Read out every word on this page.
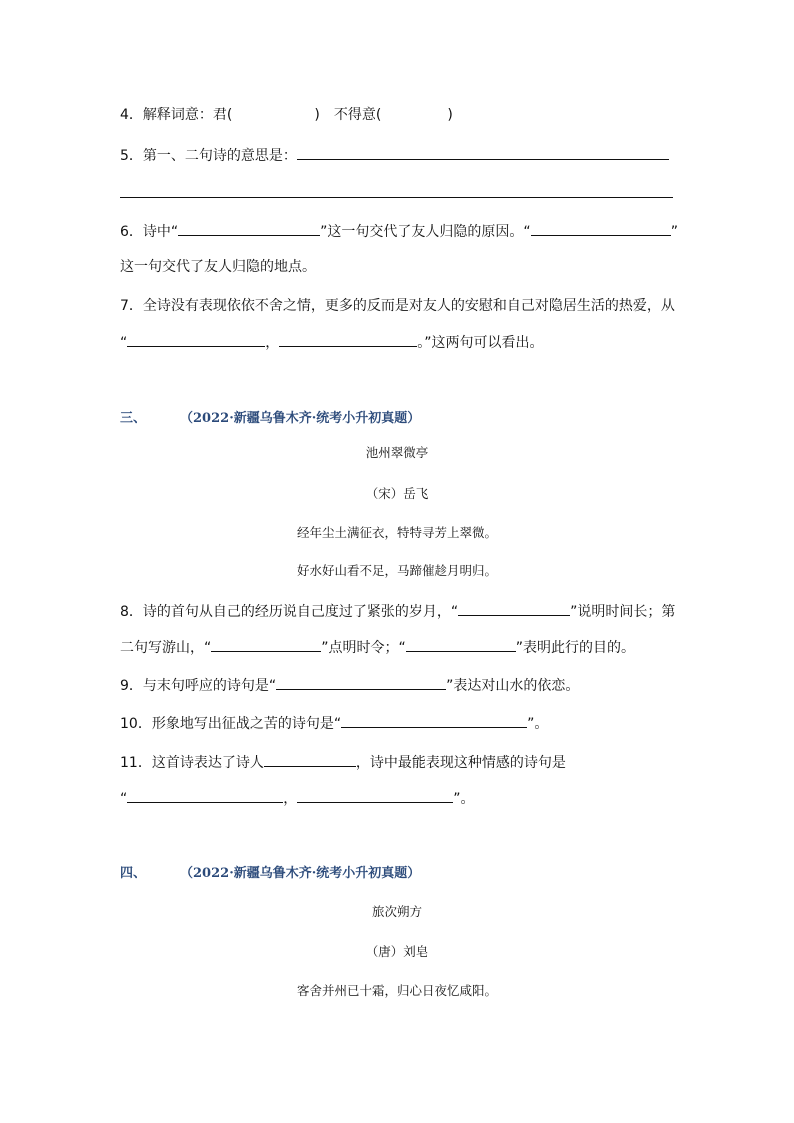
4．解释词意：君(	)　不得意(	)
5．第一、二句诗的意思是：
6．诗中“	”这一句交代了友人归隐的原因。“	”
这一句交代了友人归隐的地点。
7．全诗没有表现依依不舍之情，更多的反而是对友人的安慰和自己对隐居生活的热爱，从
“	，	。”这两句可以看出。
三、	（2022·新疆乌鲁木齐·统考小升初真题）
池州翠微亭
（宋）岳飞
经年尘土满征衣，特特寻芳上翠微。
好水好山看不足，马蹄催趁月明归。
8．诗的首句从自己的经历说自己度过了紧张的岁月，“	”说明时间长；第
二句写游山，“	”点明时令；“	”表明此行的目的。
9．与末句呼应的诗句是“	”表达对山水的依恋。
10．形象地写出征战之苦的诗句是“	”。
11．这首诗表达了诗人	，诗中最能表现这种情感的诗句是
“	，	”。
四、	（2022·新疆乌鲁木齐·统考小升初真题）
旅次朔方
（唐）刘皂
客舍并州已十霜，归心日夜忆咸阳。
